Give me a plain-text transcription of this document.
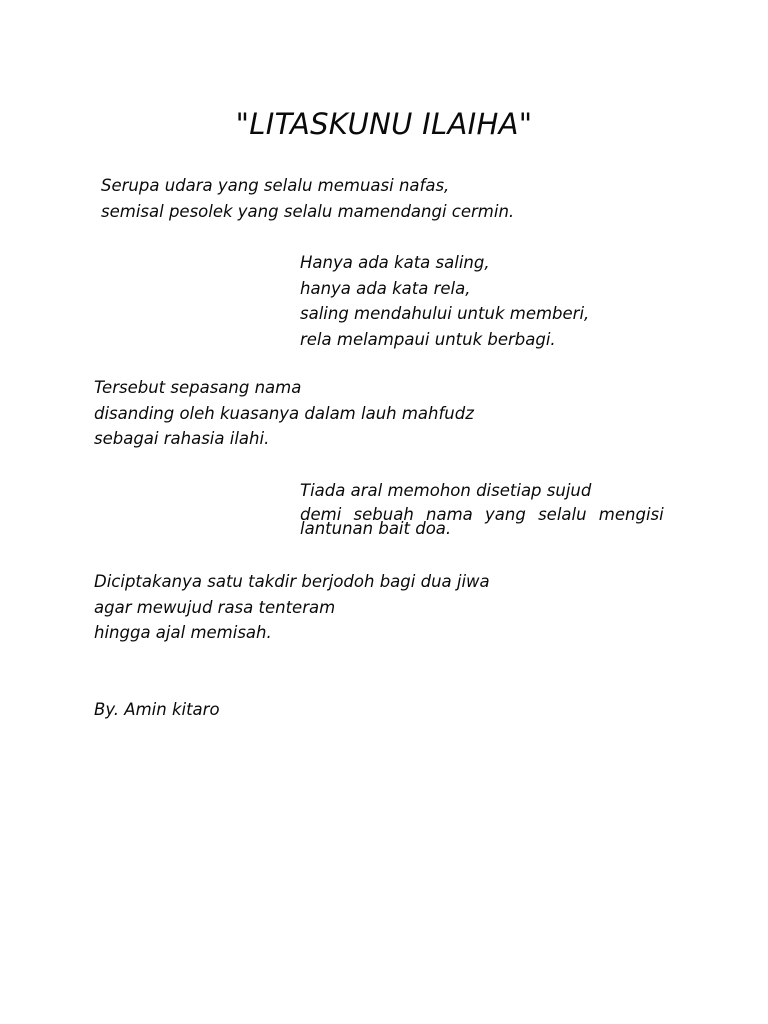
"LITASKUNU ILAIHA"

Serupa udara yang selalu memuasi nafas,
semisal pesolek yang selalu mamendangi cermin.

Hanya ada kata saling,
hanya ada kata rela,
saling mendahului untuk memberi,
rela melampaui untuk berbagi.

Tersebut sepasang nama
disanding oleh kuasanya dalam lauh mahfudz
sebagai rahasia ilahi.

Tiada aral memohon disetiap sujud
demi sebuah nama yang selalu mengisi
lantunan bait doa.

Diciptakanya satu takdir berjodoh bagi dua jiwa
agar mewujud rasa tenteram
hingga ajal memisah.

By. Amin kitaro
